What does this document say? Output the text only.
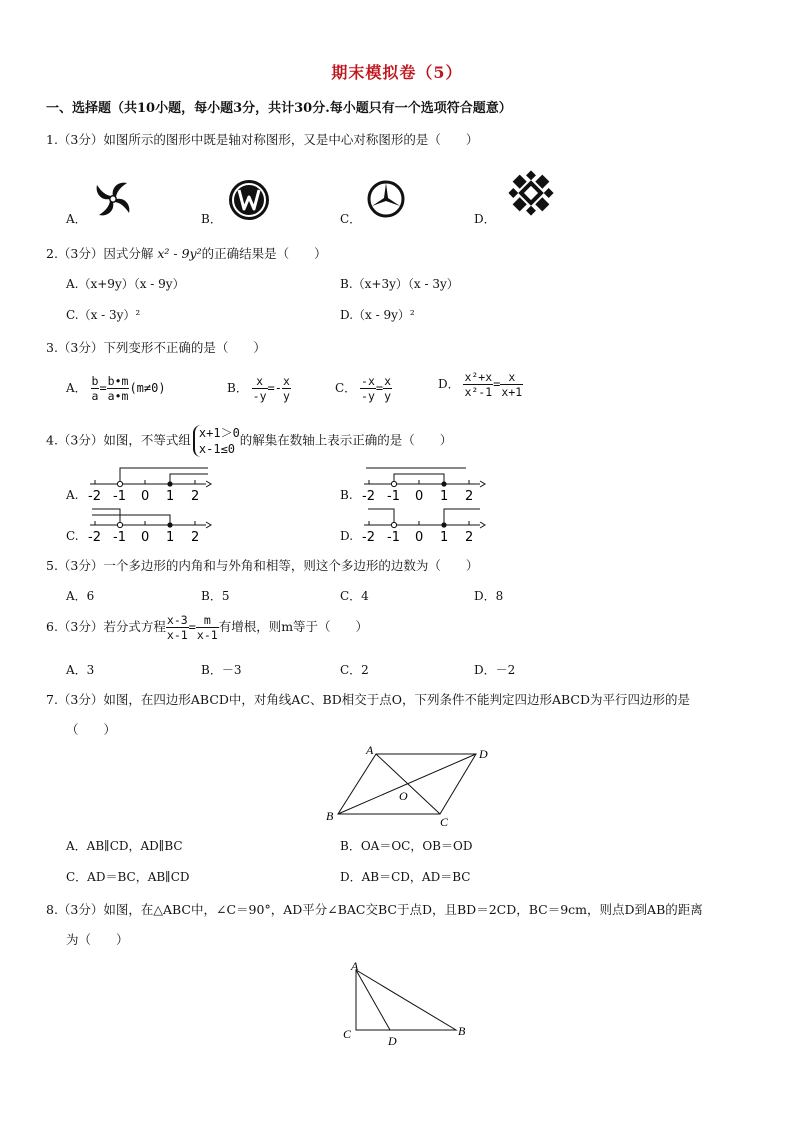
期末模拟卷（5）
一、选择题（共10小题，每小题3分，共计30分.每小题只有一个选项符合题意）
1.（3分）如图所示的图形中既是轴对称图形，又是中心对称图形的是（　　）
A．	B．	C．	D．
2.（3分）因式分解 x² - 9y²的正确结果是（　　）
A.（x+9y）（x - 9y）	B.（x+3y）（x - 3y）
C.（x - 3y）²	D.（x - 9y）²
3.（3分）下列变形不正确的是（　　）
A． $\frac{b}{a} = \frac{b•m}{a•m} (m\ne 0)$	B． $\frac{x}{-y} =- \frac{x}{y}$	C． $\frac{-x}{-y} = \frac{x}{y}$	D． $\frac{\text{x²+x}}{\text{x²-1}} = \frac{x}{x+1}$
4.（3分）如图，不等式组 x+1＞0
x-1≤0
的解集在数轴上表示正确的是（　　）
A.	B.
C.	D.
-2 -1 0 1 2	-2 -1 0 1 2
-2 -1 0 1 2	-2 -1 0 1 2
5.（3分）一个多边形的内角和与外角和相等，则这个多边形的边数为（　　）
A．6	B．5	C．4	D．8
6.（3分）若分式方程 $\frac{x-3}{x-1} = \frac{m}{x-1}$ 有增根，则m等于（　　）
A．3	B．－3	C．2	D．－2
7.（3分）如图，在四边形ABCD中，对角线AC、BD相交于点O，下列条件不能判定四边形ABCD为平行四边形的是
（　　）
A	D
B	C
O
A．AB∥CD，AD∥BC	B．OA＝OC，OB＝OD
C．AD＝BC，AB∥CD	D．AB＝CD，AD＝BC
8.（3分）如图，在△ABC中，∠C＝90°，AD平分∠BAC交BC于点D，且BD＝2CD，BC＝9cm，则点D到AB的距离
为（　　）
A
C	B
D
